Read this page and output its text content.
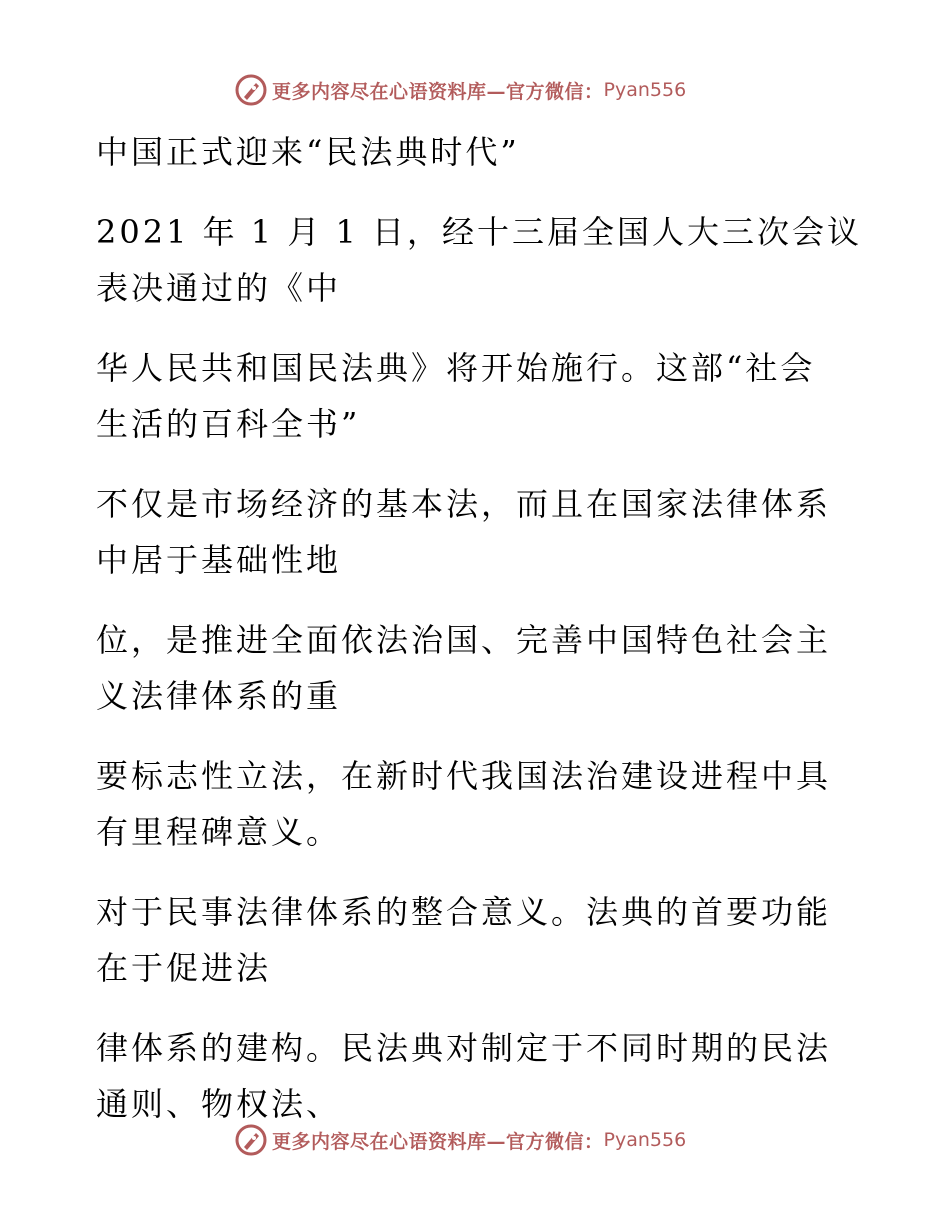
更多内容尽在心语资料库—官方微信： Pyan556
中国正式迎来“民法典时代”
2021 年 1 月 1 日，经十三届全国人大三次会议
表决通过的《中
华人民共和国民法典》将开始施行。这部“社会
生活的百科全书”
不仅是市场经济的基本法，而且在国家法律体系
中居于基础性地
位，是推进全面依法治国、完善中国特色社会主
义法律体系的重
要标志性立法，在新时代我国法治建设进程中具
有里程碑意义。
对于民事法律体系的整合意义。法典的首要功能
在于促进法
律体系的建构。民法典对制定于不同时期的民法
通则、物权法、
更多内容尽在心语资料库—官方微信： Pyan556
